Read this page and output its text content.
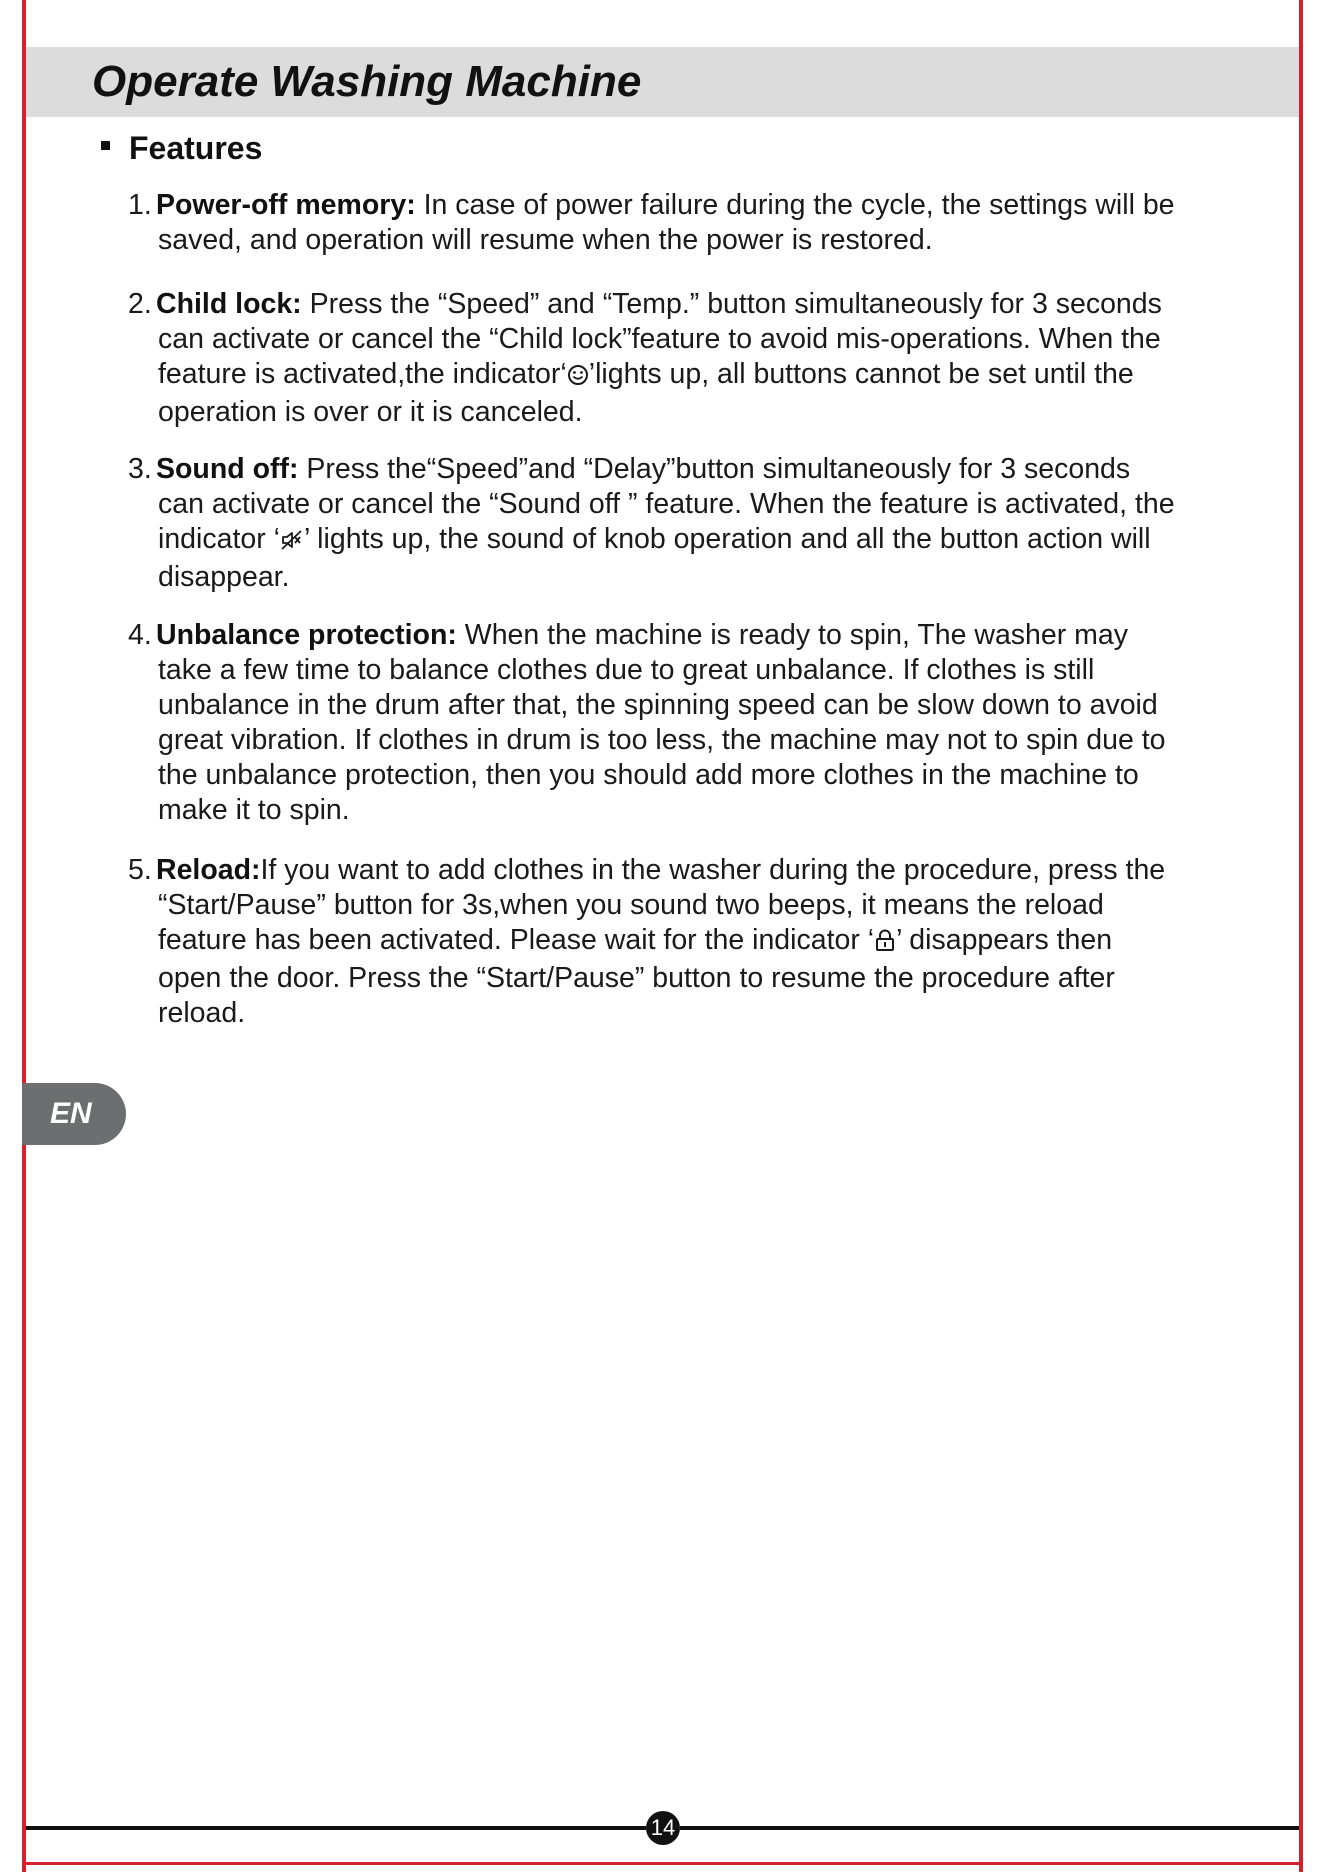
Operate Washing Machine
Features
1. Power-off memory: In case of power failure during the cycle, the settings will be saved, and operation will resume when the power is restored.
2. Child lock: Press the “Speed” and “Temp.” button simultaneously for 3 seconds can activate or cancel the “Child lock”feature to avoid mis-operations. When the feature is activated,the indicator‘ ’lights up, all buttons cannot be set until the operation is over or it is canceled.
3. Sound off: Press the“Speed”and “Delay”button simultaneously for 3 seconds can activate or cancel the “Sound off ” feature. When the feature is activated, the indicator ‘ ’ lights up, the sound of knob operation and all the button action will disappear.
4. Unbalance protection: When the machine is ready to spin, The washer may take a few time to balance clothes due to great unbalance. If clothes is still unbalance in the drum after that, the spinning speed can be slow down to avoid great vibration. If clothes in drum is too less, the machine may not to spin due to the unbalance protection, then you should add more clothes in the machine to make it to spin.
5. Reload:If you want to add clothes in the washer during the procedure, press the “Start/Pause” button for 3s,when you sound two beeps, it means the reload feature has been activated. Please wait for the indicator ‘ ’ disappears then open the door. Press the “Start/Pause” button to resume the procedure after reload.
EN
14
